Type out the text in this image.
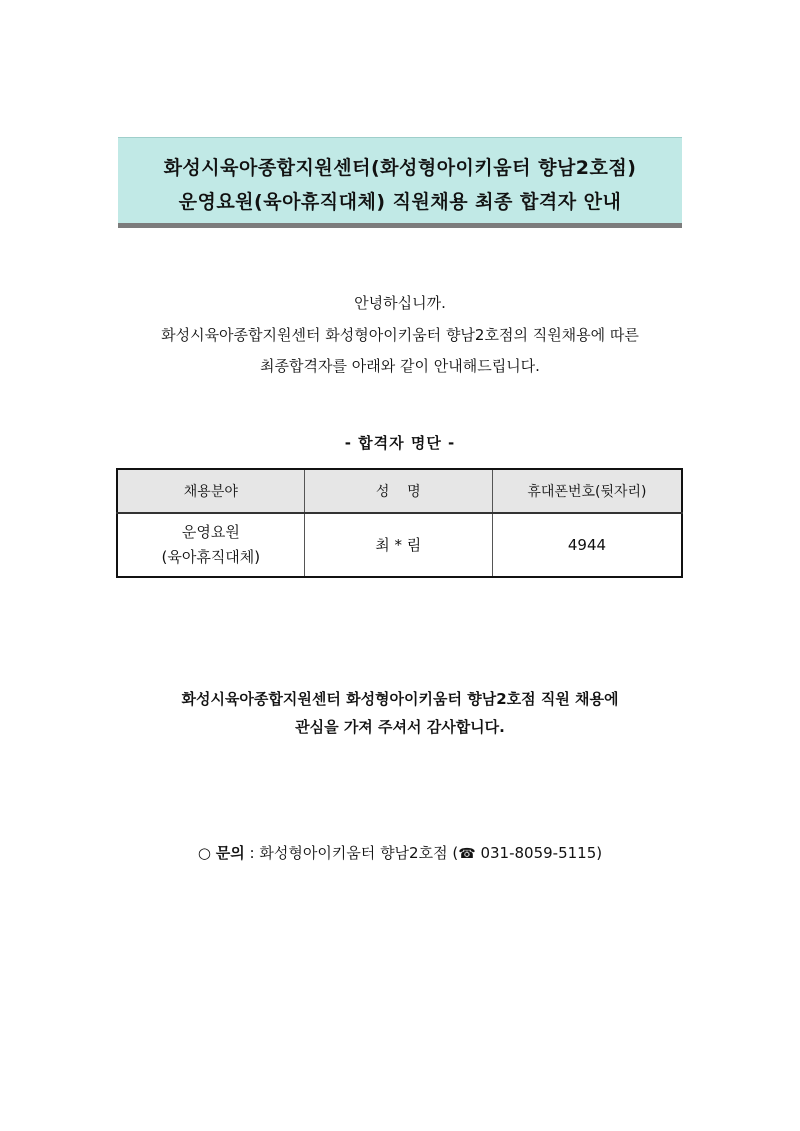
화성시육아종합지원센터(화성형아이키움터 향남2호점)
운영요원(육아휴직대체) 직원채용 최종 합격자 안내
안녕하십니까.
화성시육아종합지원센터 화성형아이키움터 향남2호점의 직원채용에 따른
최종합격자를 아래와 같이 안내해드립니다.
- 합격자 명단 -
채용분야	성    명	휴대폰번호(뒷자리)

운영요원
(육아휴직대체)	최 * 림	4944
화성시육아종합지원센터 화성형아이키움터 향남2호점 직원 채용에
관심을 가져 주셔서 감사합니다.
○ 문의 : 화성형아이키움터 향남2호점 (☎ 031-8059-5115)
